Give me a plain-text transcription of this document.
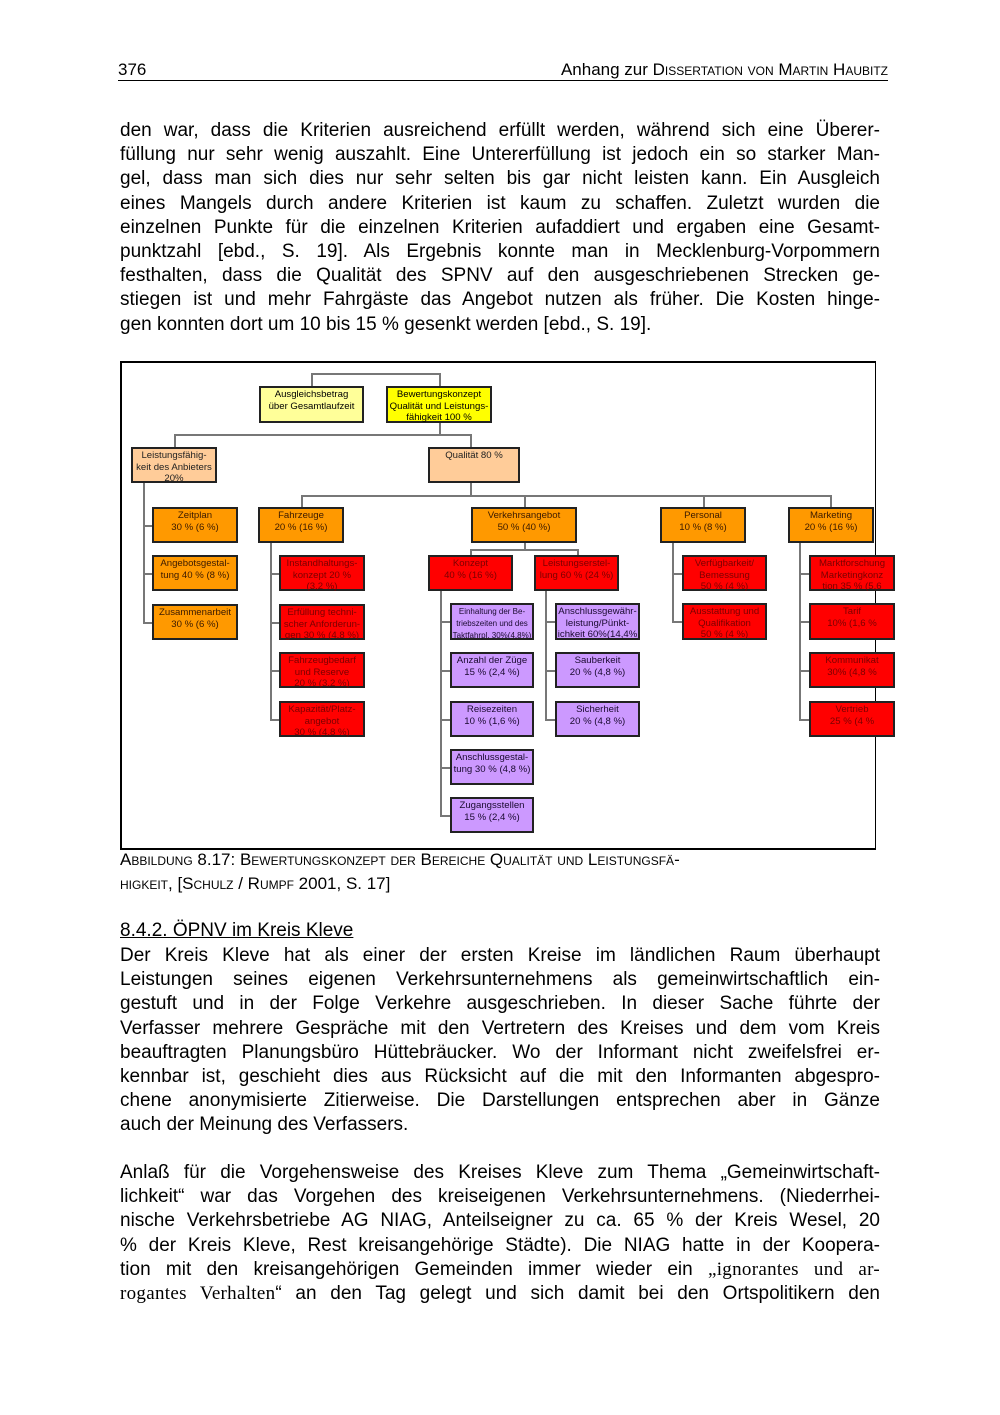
376	Anhang zur Dissertation von Martin Haubitz
den war, dass die Kriterien ausreichend erfüllt werden, während sich eine Überer-
füllung nur sehr wenig auszahlt. Eine Untererfüllung ist jedoch ein so starker Man-
gel, dass man sich dies nur sehr selten bis gar nicht leisten kann. Ein Ausgleich
eines Mangels durch andere Kriterien ist kaum zu schaffen. Zuletzt wurden die
einzelnen Punkte für die einzelnen Kriterien aufaddiert und ergaben eine Gesamt-
punktzahl [ebd., S. 19]. Als Ergebnis konnte man in Mecklenburg-Vorpommern
festhalten, dass die Qualität des SPNV auf den ausgeschriebenen Strecken ge-
stiegen ist und mehr Fahrgäste das Angebot nutzen als früher. Die Kosten hinge-
gen konnten dort um 10 bis 15 % gesenkt werden [ebd., S. 19].
Ausgleichsbetrag
über Gesamtlaufzeit
Bewertungskonzept
Qualität und Leistungs-
fähigkeit 100 %
Leistungsfähig-
keit des Anbieters
20%
Qualität 80 %
Zeitplan
30 % (6 %)
Angebotsgestal-
tung 40 % (8 %)
Zusammenarbeit
30 % (6 %)
Fahrzeuge
20 % (16 %)
Instandhaltungs-
konzept 20 %
(3,2 %)
Erfüllung techni-
scher Anforderun-
gen 30 % (4,8 %)
Fahrzeugbedarf
und Reserve
20 % (3,2 %)
Kapazität/Platz-
angebot
30 % (4,8 %)
Verkehrsangebot
50 % (40 %)
Konzept
40 % (16 %)
Leistungserstel-
lung 60 % (24 %)
Einhaltung der Be-
triebszeiten und des
Taktfahrpl. 30%(4,8%)
Anzahl der Züge
15 % (2,4 %)
Reisezeiten
10 % (1,6 %)
Anschlussgestal-
tung 30 % (4,8 %)
Zugangsstellen
15 % (2,4 %)
Anschlussgewähr-
leistung/Pünkt-
ichkeit 60%(14,4%
Sauberkeit
20 % (4,8 %)
Sicherheit
20 % (4,8 %)
Personal
10 % (8 %)
Verfügbarkeit/
Bemessung
50 % (4 %)
Ausstattung und
Qualifikation
50 % (4 %)
Marketing
20 % (16 %)
Marktforschung
Marketingkonz
tion 35 % (5,6
Tarif
10% (1,6 %
Kommunikat
30% (4,8 %
Vertrieb
25 % (4 %
Abbildung 8.17: Bewertungskonzept der Bereiche Qualität und Leistungsfä-
higkeit, [Schulz / Rumpf 2001, S. 17]
8.4.2. ÖPNV im Kreis Kleve
Der Kreis Kleve hat als einer der ersten Kreise im ländlichen Raum überhaupt
Leistungen seines eigenen Verkehrsunternehmens als gemeinwirtschaftlich ein-
gestuft und in der Folge Verkehre ausgeschrieben. In dieser Sache führte der
Verfasser mehrere Gespräche mit den Vertretern des Kreises und dem vom Kreis
beauftragten Planungsbüro Hüttebräucker. Wo der Informant nicht zweifelsfrei er-
kennbar ist, geschieht dies aus Rücksicht auf die mit den Informanten abgespro-
chene anonymisierte Zitierweise. Die Darstellungen entsprechen aber in Gänze
auch der Meinung des Verfassers.
Anlaß für die Vorgehensweise des Kreises Kleve zum Thema „Gemeinwirtschaft-
lichkeit“ war das Vorgehen des kreiseigenen Verkehrsunternehmens. (Niederrhei-
nische Verkehrsbetriebe AG NIAG, Anteilseigner zu ca. 65 % der Kreis Wesel, 20
% der Kreis Kleve, Rest kreisangehörige Städte). Die NIAG hatte in der Koopera-
tion mit den kreisangehörigen Gemeinden immer wieder ein „ignorantes und ar-
rogantes Verhalten“ an den Tag gelegt und sich damit bei den Ortspolitikern den
